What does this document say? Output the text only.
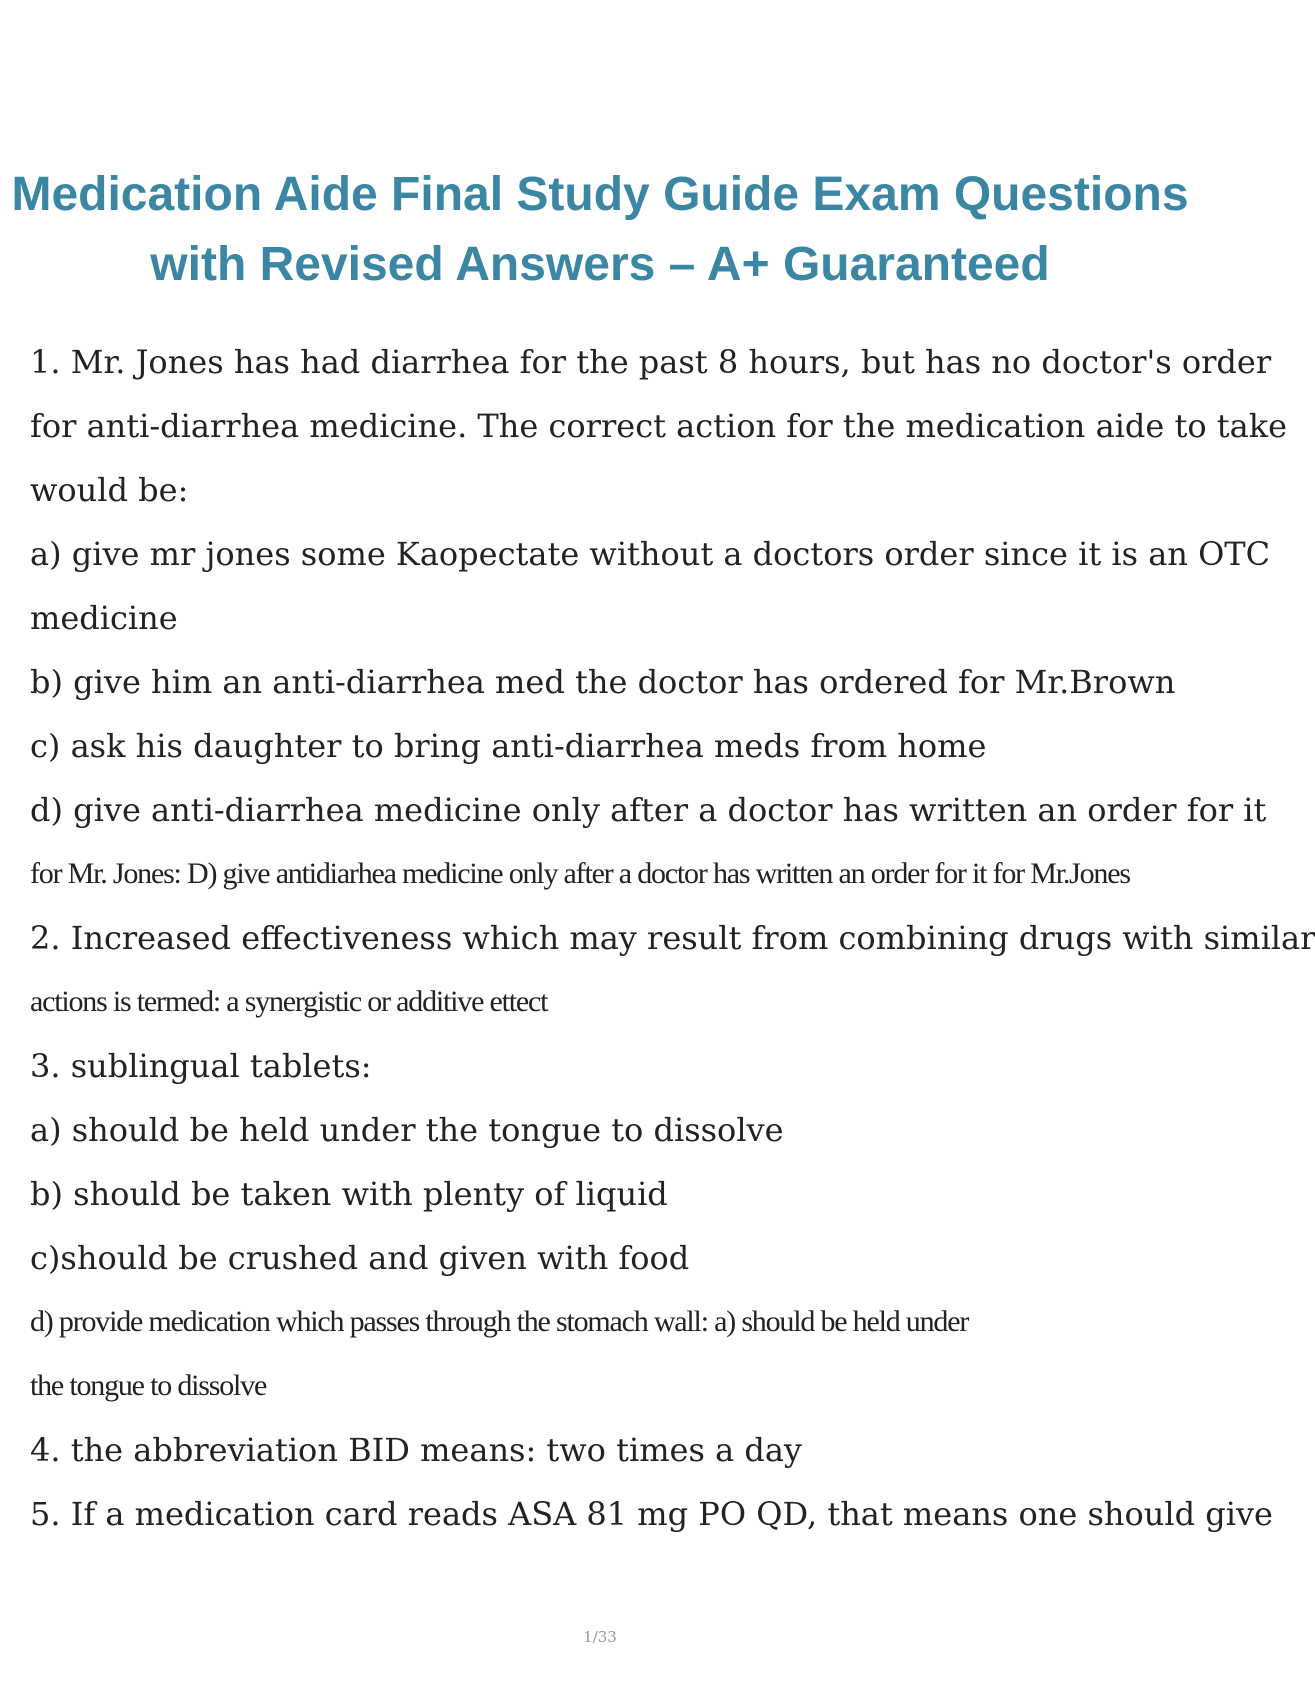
Medication Aide Final Study Guide Exam Questions
with Revised Answers – A+ Guaranteed
1. Mr. Jones has had diarrhea for the past 8 hours, but has no doctor's order
for anti-diarrhea medicine. The correct action for the medication aide to take
would be:
a) give mr jones some Kaopectate without a doctors order since it is an OTC
medicine
b) give him an anti-diarrhea med the doctor has ordered for Mr.Brown
c) ask his daughter to bring anti-diarrhea meds from home
d) give anti-diarrhea medicine only after a doctor has written an order for it
for Mr. Jones: D) give antidiarhea medicine only after a doctor has written an order for it for Mr.Jones
2. Increased effectiveness which may result from combining drugs with similar
actions is termed: a synergistic or additive ettect
3. sublingual tablets:
a) should be held under the tongue to dissolve
b) should be taken with plenty of liquid
c)should be crushed and given with food
d) provide medication which passes through the stomach wall: a) should be held under
the tongue to dissolve
4. the abbreviation BID means: two times a day
5. If a medication card reads ASA 81 mg PO QD, that means one should give
1/33
